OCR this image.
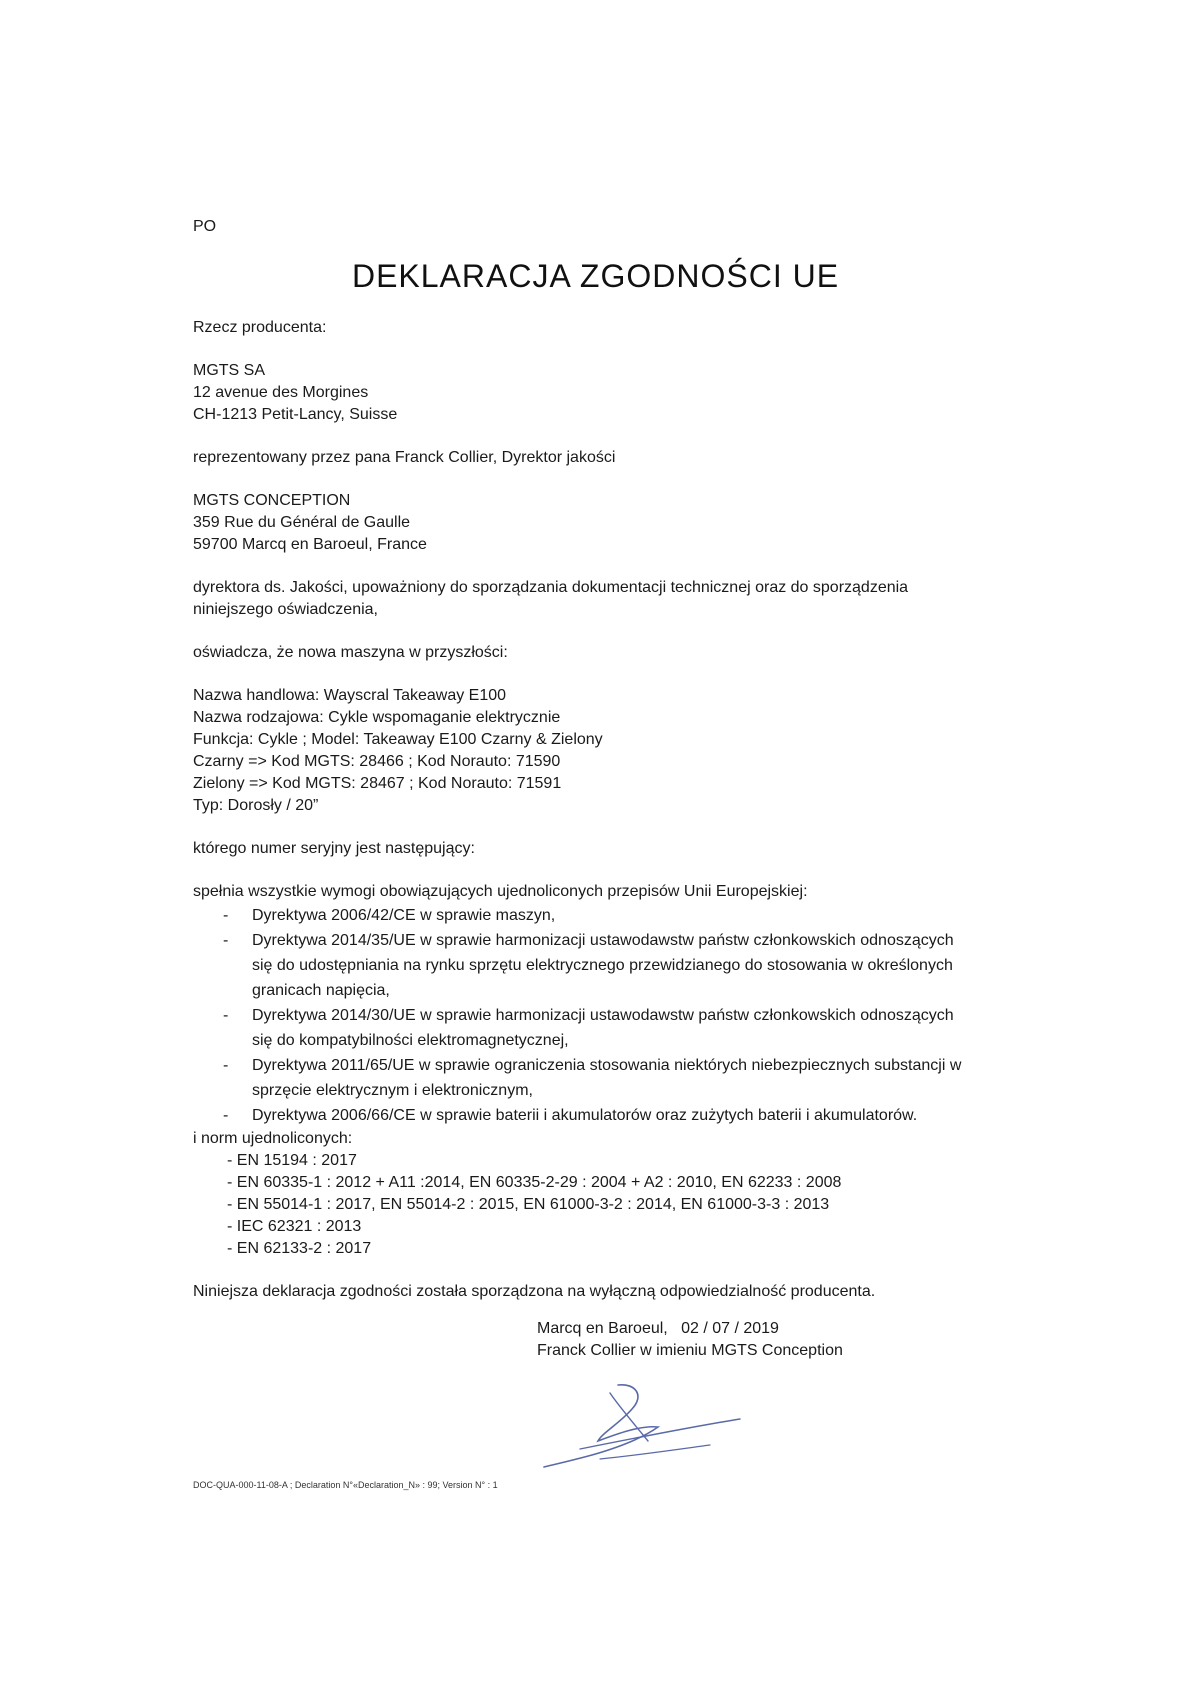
PO
DEKLARACJA ZGODNOŚCI UE
Rzecz producenta:
MGTS SA
12 avenue des Morgines
CH-1213 Petit-Lancy, Suisse
reprezentowany przez pana Franck Collier, Dyrektor jakości
MGTS CONCEPTION
359 Rue du Général de Gaulle
59700 Marcq en Baroeul, France
dyrektora ds. Jakości, upoważniony do sporządzania dokumentacji technicznej oraz do sporządzenia
niniejszego oświadczenia,
oświadcza, że nowa maszyna w przyszłości:
Nazwa handlowa: Wayscral Takeaway E100
Nazwa rodzajowa: Cykle wspomaganie elektrycznie
Funkcja: Cykle ; Model: Takeaway E100 Czarny & Zielony
Czarny => Kod MGTS: 28466 ; Kod Norauto: 71590
Zielony => Kod MGTS: 28467 ; Kod Norauto: 71591
Typ: Dorosły / 20”
którego numer seryjny jest następujący:
spełnia wszystkie wymogi obowiązujących ujednoliconych przepisów Unii Europejskiej:
- Dyrektywa 2006/42/CE w sprawie maszyn,
- Dyrektywa 2014/35/UE w sprawie harmonizacji ustawodawstw państw członkowskich odnoszących
się do udostępniania na rynku sprzętu elektrycznego przewidzianego do stosowania w określonych
granicach napięcia,
- Dyrektywa 2014/30/UE w sprawie harmonizacji ustawodawstw państw członkowskich odnoszących
się do kompatybilności elektromagnetycznej,
- Dyrektywa 2011/65/UE w sprawie ograniczenia stosowania niektórych niebezpiecznych substancji w
sprzęcie elektrycznym i elektronicznym,
- Dyrektywa 2006/66/CE w sprawie baterii i akumulatorów oraz zużytych baterii i akumulatorów.
i norm ujednoliconych:
- EN 15194 : 2017
- EN 60335-1 : 2012 + A11 :2014, EN 60335-2-29 : 2004 + A2 : 2010, EN 62233 : 2008
- EN 55014-1 : 2017, EN 55014-2 : 2015, EN 61000-3-2 : 2014, EN 61000-3-3 : 2013
- IEC 62321 : 2013
- EN 62133-2 : 2017
Niniejsza deklaracja zgodności została sporządzona na wyłączną odpowiedzialność producenta.
Marcq en Baroeul,   02 / 07 / 2019
Franck Collier w imieniu MGTS Conception
DOC-QUA-000-11-08-A ; Declaration N°«Declaration_N» : 99; Version N° : 1
